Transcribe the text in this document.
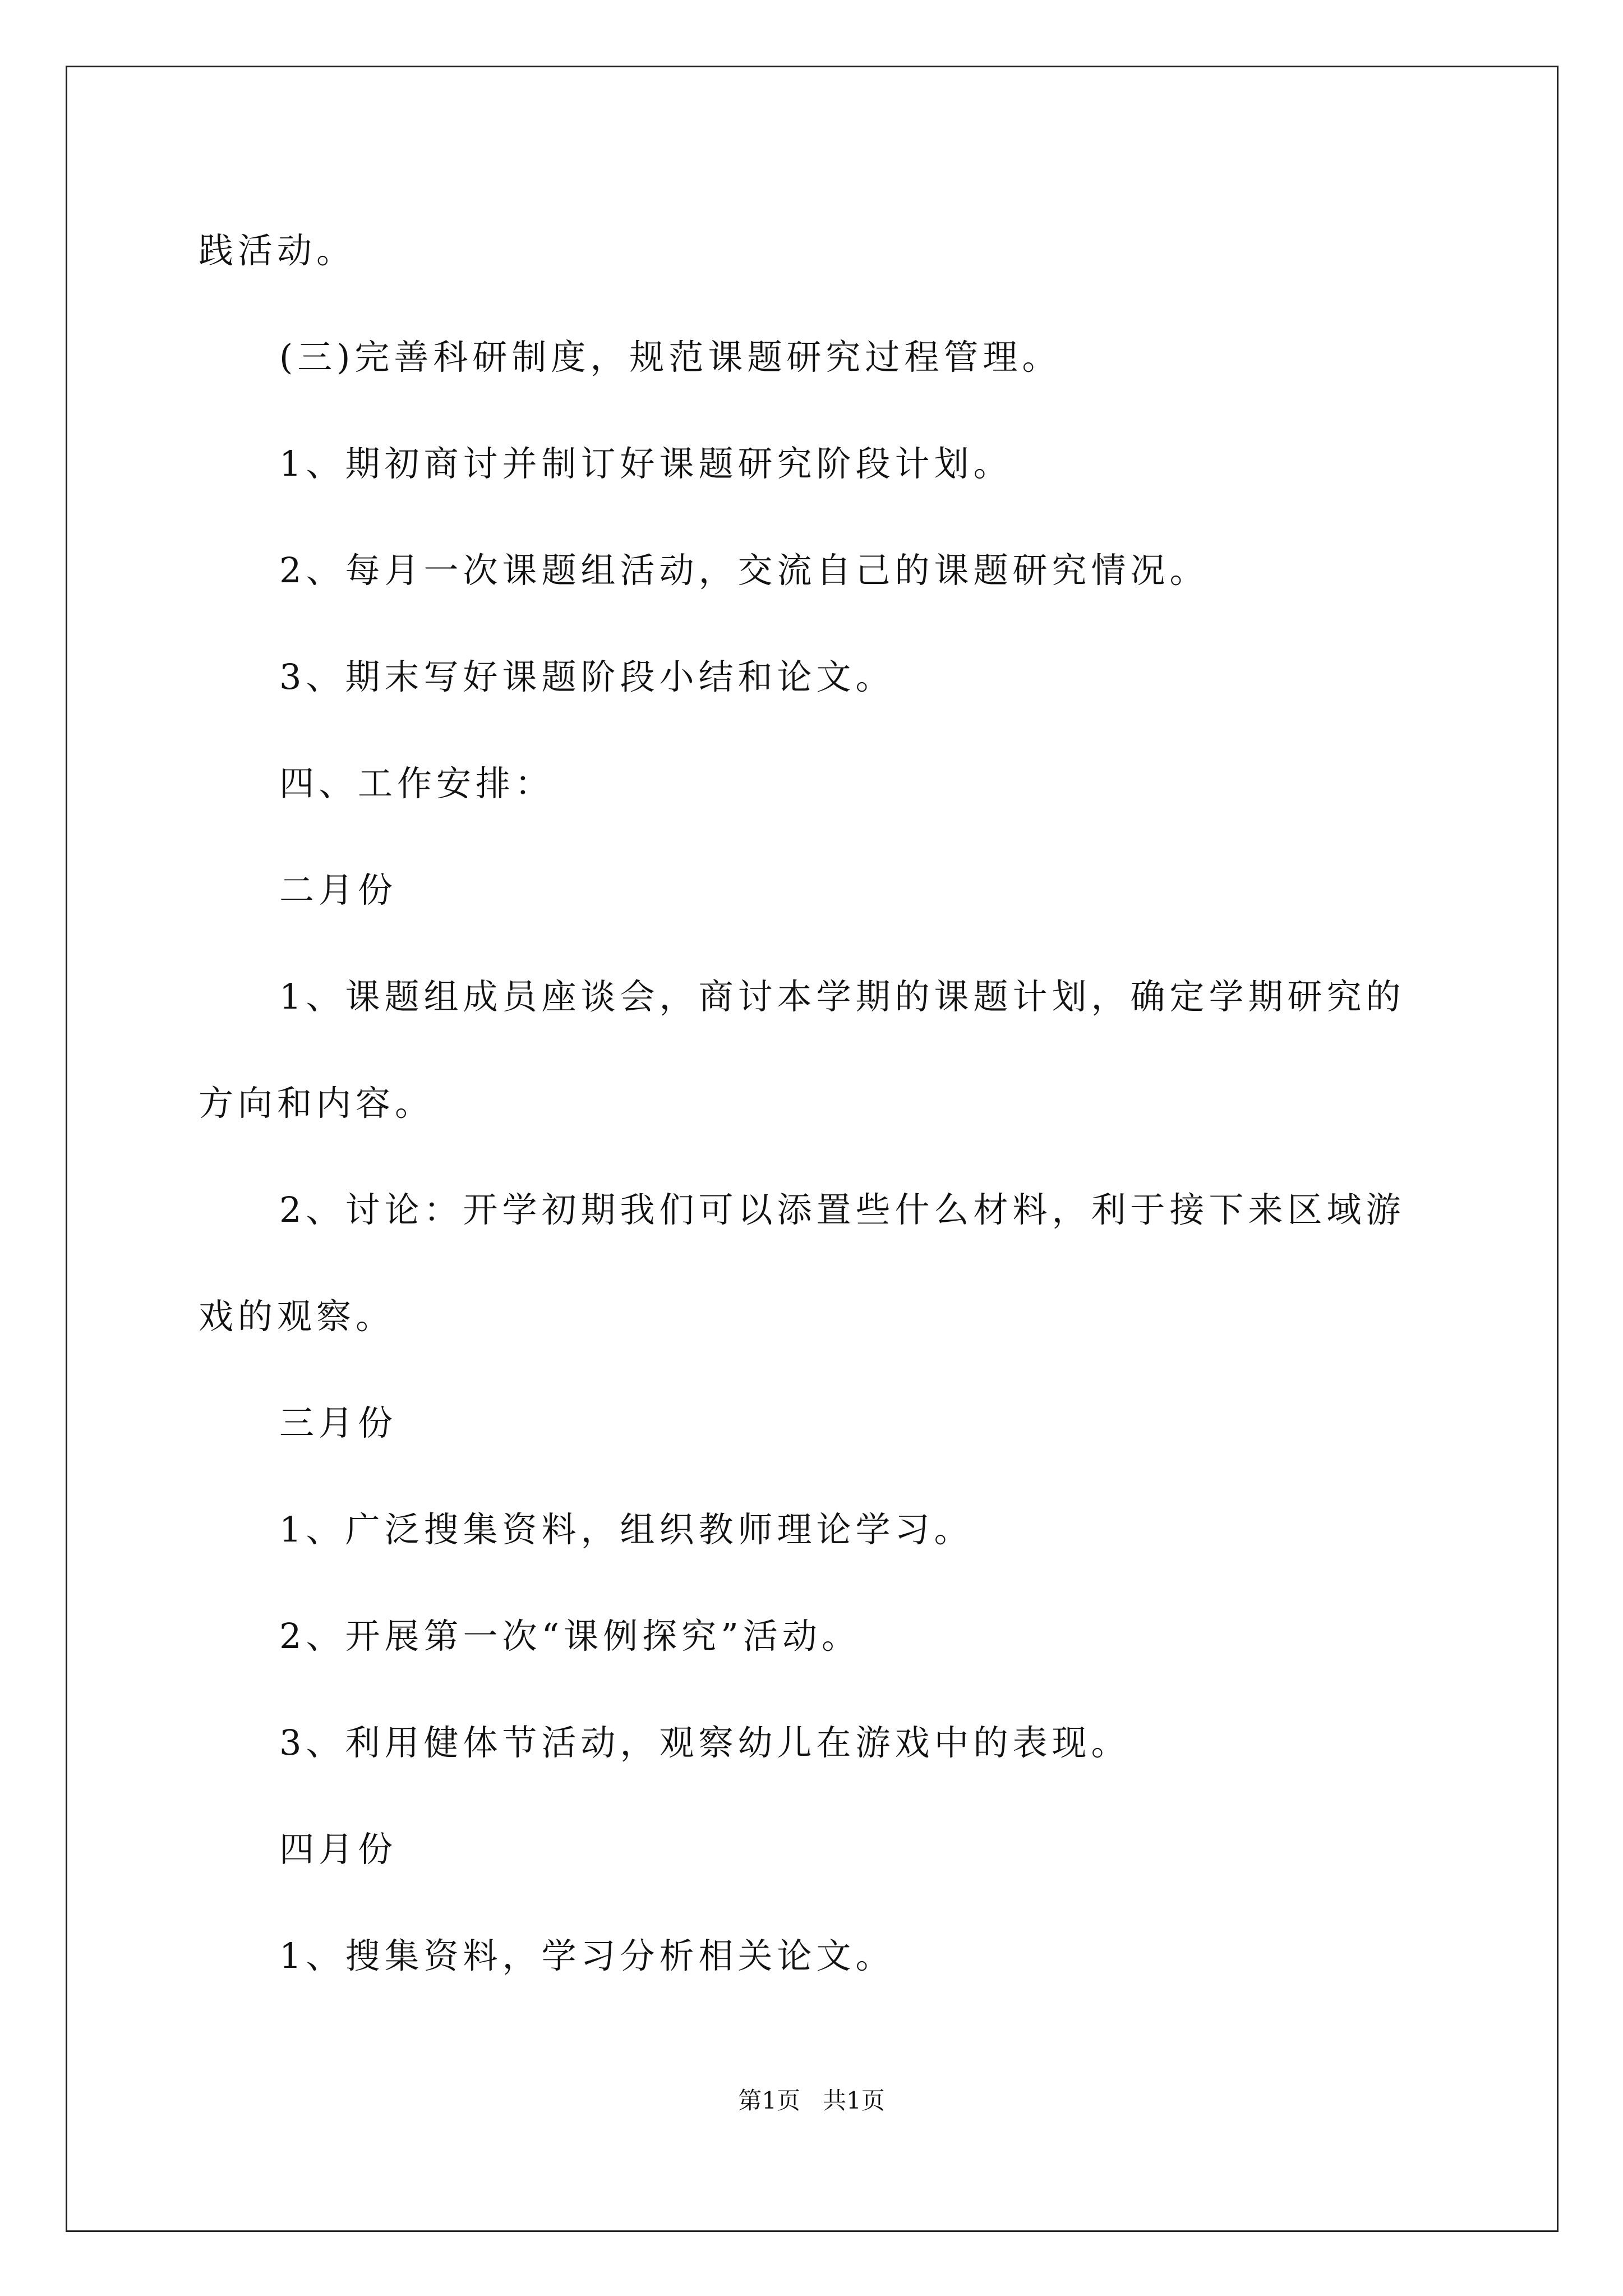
践活动。
(三)完善科研制度，规范课题研究过程管理。
1、期初商讨并制订好课题研究阶段计划。
2、每月一次课题组活动，交流自己的课题研究情况。
3、期末写好课题阶段小结和论文。
四、工作安排：
二月份
1、课题组成员座谈会，商讨本学期的课题计划，确定学期研究的
方向和内容。
2、讨论：开学初期我们可以添置些什么材料，利于接下来区域游
戏的观察。
三月份
1、广泛搜集资料，组织教师理论学习。
2、开展第一次“课例探究”活动。
3、利用健体节活动，观察幼儿在游戏中的表现。
四月份
1、搜集资料，学习分析相关论文。
第1页   共1页
